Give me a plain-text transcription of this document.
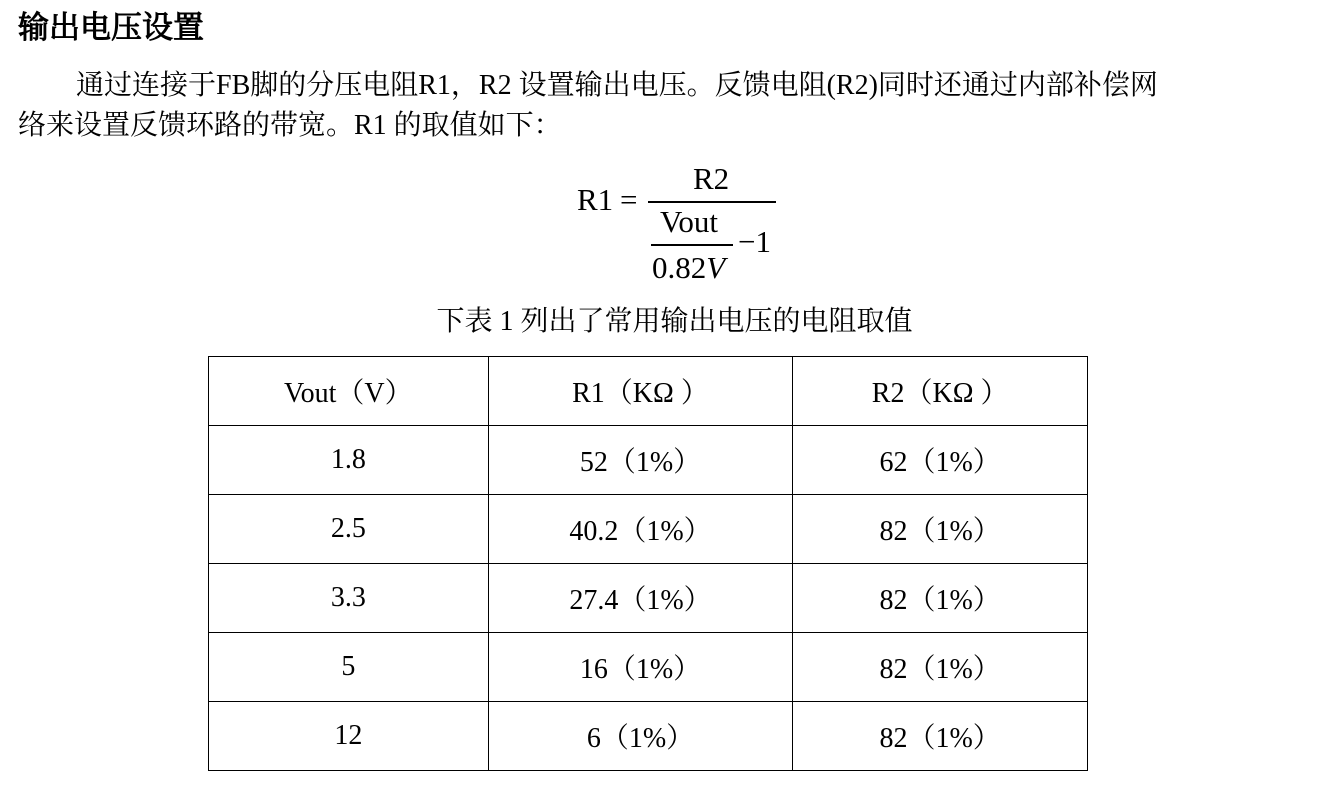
输出电压设置

通过连接于FB脚的分压电阻R1，R2 设置输出电压。反馈电阻(R2)同时还通过内部补偿网
络来设置反馈环路的带宽。R1 的取值如下：

R1 =
R2
Vout
0.82V
−1
下表 1 列出了常用输出电压的电阻取值
Vout（V）	R1（KΩ ）	R2（KΩ ）
1.8	52（1%）	62（1%）
2.5	40.2（1%）	82（1%）
3.3	27.4（1%）	82（1%）
5	16（1%）	82（1%）
12	6（1%）	82（1%）
